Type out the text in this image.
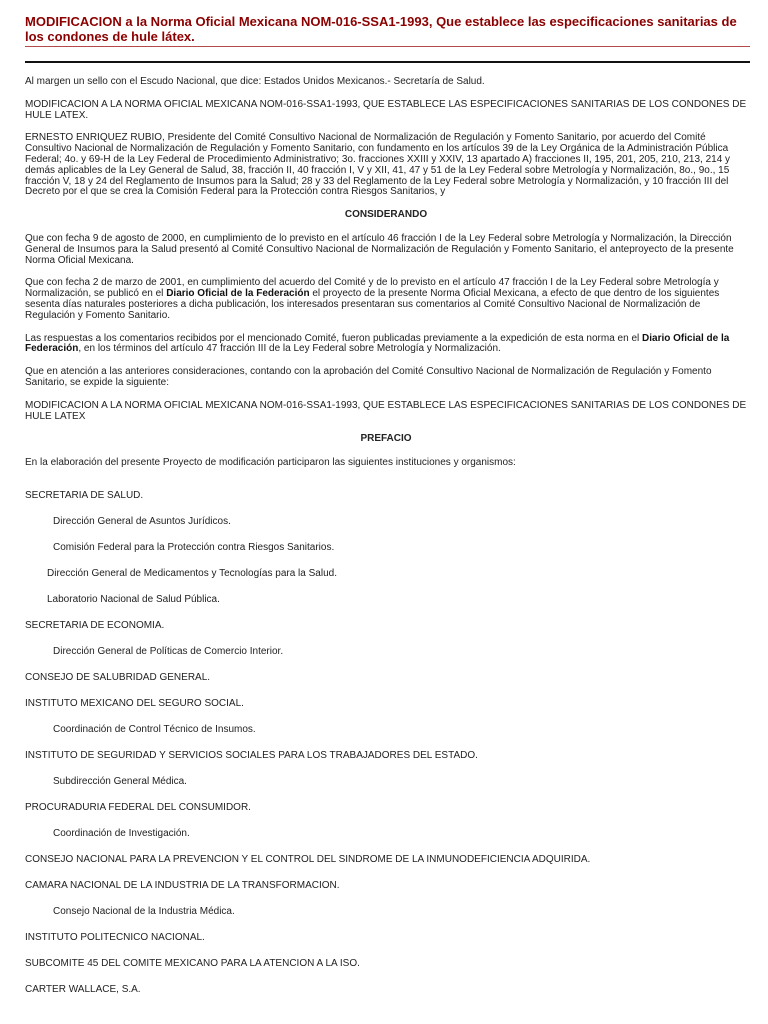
MODIFICACION a la Norma Oficial Mexicana NOM-016-SSA1-1993, Que establece las especificaciones sanitarias de los condones de hule látex.

Al margen un sello con el Escudo Nacional, que dice: Estados Unidos Mexicanos.- Secretaría de Salud.

MODIFICACION A LA NORMA OFICIAL MEXICANA NOM-016-SSA1-1993, QUE ESTABLECE LAS ESPECIFICACIONES SANITARIAS DE LOS CONDONES DE HULE LATEX.

ERNESTO ENRIQUEZ RUBIO, Presidente del Comité Consultivo Nacional de Normalización de Regulación y Fomento Sanitario, por acuerdo del Comité Consultivo Nacional de Normalización de Regulación y Fomento Sanitario, con fundamento en los artículos 39 de la Ley Orgánica de la Administración Pública Federal; 4o. y 69-H de la Ley Federal de Procedimiento Administrativo; 3o. fracciones XXIII y XXIV, 13 apartado A) fracciones II, 195, 201, 205, 210, 213, 214 y demás aplicables de la Ley General de Salud, 38, fracción II, 40 fracción I, V y XII, 41, 47 y 51 de la Ley Federal sobre Metrología y Normalización, 8o., 9o., 15 fracción V, 18 y 24 del Reglamento de Insumos para la Salud; 28 y 33 del Reglamento de la Ley Federal sobre Metrología y Normalización, y 10 fracción III del Decreto por el que se crea la Comisión Federal para la Protección contra Riesgos Sanitarios, y

CONSIDERANDO

Que con fecha 9 de agosto de 2000, en cumplimiento de lo previsto en el artículo 46 fracción I de la Ley Federal sobre Metrología y Normalización, la Dirección General de Insumos para la Salud presentó al Comité Consultivo Nacional de Normalización de Regulación y Fomento Sanitario, el anteproyecto de la presente Norma Oficial Mexicana.

Que con fecha 2 de marzo de 2001, en cumplimiento del acuerdo del Comité y de lo previsto en el artículo 47 fracción I de la Ley Federal sobre Metrología y Normalización, se publicó en el Diario Oficial de la Federación el proyecto de la presente Norma Oficial Mexicana, a efecto de que dentro de los siguientes sesenta días naturales posteriores a dicha publicación, los interesados presentaran sus comentarios al Comité Consultivo Nacional de Normalización de Regulación y Fomento Sanitario.

Las respuestas a los comentarios recibidos por el mencionado Comité, fueron publicadas previamente a la expedición de esta norma en el Diario Oficial de la Federación, en los términos del artículo 47 fracción III de la Ley Federal sobre Metrología y Normalización.

Que en atención a las anteriores consideraciones, contando con la aprobación del Comité Consultivo Nacional de Normalización de Regulación y Fomento Sanitario, se expide la siguiente:

MODIFICACION A LA NORMA OFICIAL MEXICANA NOM-016-SSA1-1993, QUE ESTABLECE LAS ESPECIFICACIONES SANITARIAS DE LOS CONDONES DE HULE LATEX

PREFACIO

En la elaboración del presente Proyecto de modificación participaron las siguientes instituciones y organismos:

SECRETARIA DE SALUD.

Dirección General de Asuntos Jurídicos.

Comisión Federal para la Protección contra Riesgos Sanitarios.

Dirección General de Medicamentos y Tecnologías para la Salud.

Laboratorio Nacional de Salud Pública.

SECRETARIA DE ECONOMIA.

Dirección General de Políticas de Comercio Interior.

CONSEJO DE SALUBRIDAD GENERAL.

INSTITUTO MEXICANO DEL SEGURO SOCIAL.

Coordinación de Control Técnico de Insumos.

INSTITUTO DE SEGURIDAD Y SERVICIOS SOCIALES PARA LOS TRABAJADORES DEL ESTADO.

Subdirección General Médica.

PROCURADURIA FEDERAL DEL CONSUMIDOR.

Coordinación de Investigación.

CONSEJO NACIONAL PARA LA PREVENCION Y EL CONTROL DEL SINDROME DE LA INMUNODEFICIENCIA ADQUIRIDA.

CAMARA NACIONAL DE LA INDUSTRIA DE LA TRANSFORMACION.

Consejo Nacional de la Industria Médica.

INSTITUTO POLITECNICO NACIONAL.

SUBCOMITE 45 DEL COMITE MEXICANO PARA LA ATENCION A LA ISO.

CARTER WALLACE, S.A.
